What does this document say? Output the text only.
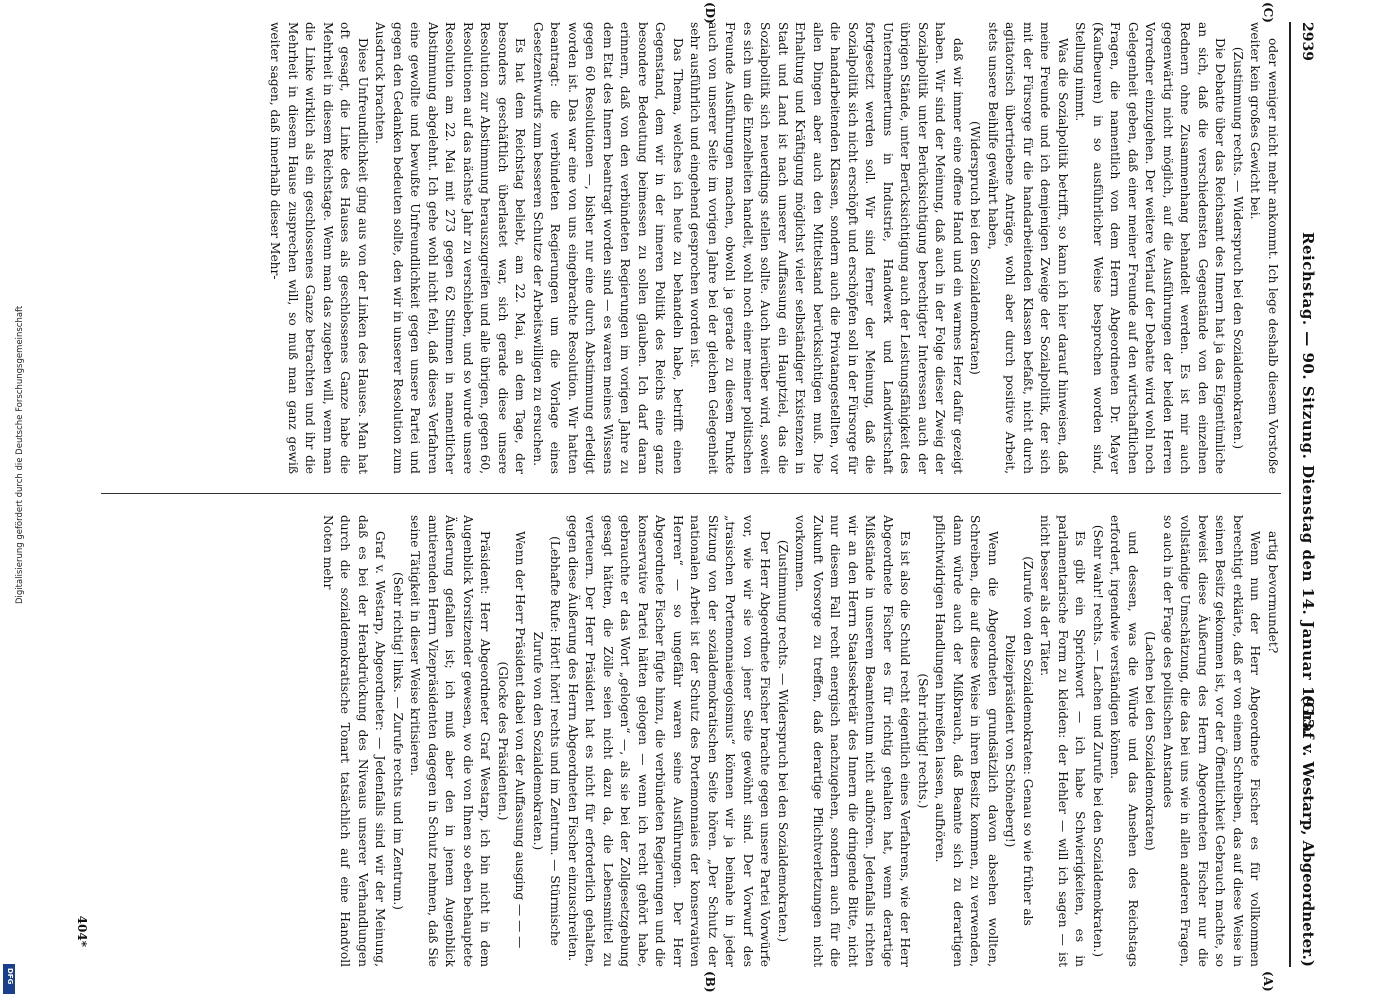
Digitalisierung gefördert durch die Deutsche Forschungsgemeinschaft
DFG
2939
Reichstag. — 90. Sitzung. Dienstag den 14. Januar 1913.
(Graf v. Westarp, Abgeordneter.)
(C)
(D)
(A)
(B)

oder weniger nicht mehr ankommt. Ich lege deshalb diesem Vorstoße weiter kein großes Gewicht bei.

(Zustimmung rechts. — Widerspruch bei den Sozialdemokraten.)

Die Debatte über das Reichsamt des Innern hat ja das Eigentümliche an sich, daß die verschiedensten Gegenstände von den einzelnen Rednern ohne Zusammenhang behandelt werden. Es ist mir auch gegenwärtig nicht möglich, auf die Ausführungen der beiden Herren Vorredner einzugehen. Der weitere Verlauf der Debatte wird wohl noch Gelegenheit geben, daß einer meiner Freunde auf den wirtschaftlichen Fragen, die namentlich von dem Herrn Abgeordneten Dr. Mayer (Kaufbeuren) in so ausführlicher Weise besprochen worden sind, Stellung nimmt.

Was die Sozialpolitik betrifft, so kann ich hier darauf hinweisen, daß meine Freunde und ich demjenigen Zweige der Sozialpolitik, der sich mit der Fürsorge für die handarbeitenden Klassen befaßt, nicht durch agitatorisch übertriebene Anträge, wohl aber durch positive Arbeit, stets unsere Beihilfe gewährt haben,

(Widerspruch bei den Sozialdemokraten)

daß wir immer eine offene Hand und ein warmes Herz dafür gezeigt haben. Wir sind der Meinung, daß auch in der Folge dieser Zweig der Sozialpolitik unter Berücksichtigung berechtigter Interessen auch der übrigen Stände, unter Berücksichtigung auch der Leistungsfähigkeit des Unternehmertums in Industrie, Handwerk und Landwirtschaft fortgesetzt werden soll. Wir sind ferner der Meinung, daß die Sozialpolitik sich nicht erschöpft und erschöpfen soll in der Fürsorge für die handarbeitenden Klassen, sondern auch die Privatangestellten, vor allen Dingen aber auch den Mittelstand berücksichtigen muß. Die Erhaltung und Kräftigung möglichst vieler selbständiger Existenzen in Stadt und Land ist nach unserer Auffassung ein Hauptziel, das die Sozialpolitik sich neuerdings stellen sollte. Auch hierüber wird, soweit es sich um die Einzelheiten handelt, wohl noch einer meiner politischen Freunde Ausführungen machen, obwohl ja gerade zu diesem Punkte auch von unserer Seite im vorigen Jahre bei der gleichen Gelegenheit sehr ausführlich und eingehend gesprochen worden ist.

Das Thema, welches ich heute zu behandeln habe, betrifft einen Gegenstand, dem wir in der inneren Politik des Reichs eine ganz besondere Bedeutung beimessen zu sollen glauben. Ich darf daran erinnern, daß von den verbündeten Regierungen im vorigen Jahre zu dem Etat des Innern beantragt worden sind — es waren meines Wissens gegen 60 Resolutionen —, bisher nur eine durch Abstimmung erledigt worden ist. Das war eine von uns eingebrachte Resolution. Wir hatten beantragt: die verbündeten Regierungen um die Vorlage eines Gesetzentwurfs zum besseren Schutze der Arbeitswilligen zu ersuchen.

Es hat dem Reichstag beliebt, am 22. Mai, an dem Tage, der besonders geschäftlich überlastet war, sich gerade diese unsere Resolution zur Abstimmung herauszugreifen und alle übrigen, gegen 60, Resolutionen auf das nächste Jahr zu verschieben, und so wurde unsere Resolution am 22. Mai mit 273 gegen 62 Stimmen in namentlicher Abstimmung abgelehnt. Ich gehe wohl nicht fehl, daß dieses Verfahren eine gewollte und bewußte Unfreundlichkeit gegen unsere Partei und gegen den Gedanken bedeuten sollte, den wir in unserer Resolution zum Ausdruck brachten.

Diese Unfreundlichkeit ging aus von der Linken des Hauses. Man hat oft gesagt, die Linke des Hauses als geschlossenes Ganze habe die Mehrheit in diesem Reichstage. Wenn man das zugeben will, wenn man die Linke wirklich als ein geschlossenes Ganze betrachten und ihr die Mehrheit in diesem Hause zusprechen will, so muß man ganz gewiß weiter sagen, daß innerhalb dieser Mehr-

artig bevormundet?

Wenn nun der Herr Abgeordnete Fischer es für vollkommen berechtigt erklärte, daß er von einem Schreiben, das auf diese Weise in seinen Besitz gekommen ist, vor der Öffentlichkeit Gebrauch machte, so beweist diese Äußerung des Herrn Abgeordneten Fischer nur die vollständige Umschätzung, die das bei uns wie in allen anderen Fragen, so auch in der Frage des politischen Anstandes

(Lachen bei den Sozialdemokraten)

und dessen, was die Würde und das Ansehen des Reichstags erfordert, irgendwie verständigen können.

(Sehr wahr! rechts. — Lachen und Zurufe bei den Sozialdemokraten.)

Es gibt ein Sprichwort — ich habe Schwierigkeiten, es in parlamentarische Form zu kleiden: der Hehler — will ich sagen — ist nicht besser als der Täter.

(Zurufe von den Sozialdemokraten: Genau so wie früher als Polizeipräsident von Schöneberg!)

Wenn die Abgeordneten grundsätzlich davon absehen wollten, Schreiben, die auf diese Weise in ihren Besitz kommen, zu verwenden, dann würde auch der Mißbrauch, daß Beamte sich zu derartigen pflichtwidrigen Handlungen hinreißen lassen, aufhören.

(Sehr richtig! rechts.)

Es ist also die Schuld recht eigentlich eines Verfahrens, wie der Herr Abgeordnete Fischer es für richtig gehalten hat, wenn derartige Mißstände in unserem Beamtentum nicht aufhören. Jedenfalls richten wir an den Herrn Staatssekretär des Innern die dringende Bitte, nicht nur diesem Fall recht energisch nachzugehen, sondern auch für die Zukunft Vorsorge zu treffen, daß derartige Pflichtverletzungen nicht vorkommen.

(Zustimmung rechts. — Widerspruch bei den Sozialdemokraten.)

Der Herr Abgeordnete Fischer brachte gegen unsere Partei Vorwürfe vor, wie wir sie von jener Seite gewöhnt sind. Der Vorwurf des „trasischen Portemonnaieegoismus“ können wir ja beinahe in jeder Sitzung von der sozialdemokratischen Seite hören. „Der Schutz der nationalen Arbeit ist der Schutz des Portemonnaies der konservativen Herren“ — so ungefähr waren seine Ausführungen. Der Herr Abgeordnete Fischer fügte hinzu, die verbündeten Regierungen und die konservative Partei hätten gelogen — wenn ich recht gehört habe, gebrauchte er das Wort „gelogen“ —, als sie bei der Zollgesetzgebung gesagt hätten, die Zölle seien nicht dazu da, die Lebensmittel zu verteuern. Der Herr Präsident hat es nicht für erforderlich gehalten, gegen diese Äußerung des Herrn Abgeordneten Fischer einzuschreiten.

(Lebhafte Rufe: Hört! hört! rechts und im Zentrum. — Stürmische Zurufe von den Sozialdemokraten.)

Wenn der Herr Präsident dabei von der Auffassung ausging — — —

(Glocke des Präsidenten.)

Präsident: Herr Abgeordneter Graf Westarp, ich bin nicht in dem Augenblick Vorsitzender gewesen, wo die von Ihnen so eben behauptete Äußerung gefallen ist; ich muß aber den in jenem Augenblick amtierenden Herrn Vizepräsidenten dagegen in Schutz nehmen, daß Sie seine Tätigkeit in dieser Weise kritisieren.

(Sehr richtig! links. — Zurufe rechts und im Zentrum.)

Graf v. Westarp, Abgeordneter: — Jedenfalls sind wir der Meinung, daß es bei der Herabdrückung des Niveaus unserer Verhandlungen durch die sozialdemokratische Tonart tatsächlich auf eine Handvoll Noten mehr

404*
